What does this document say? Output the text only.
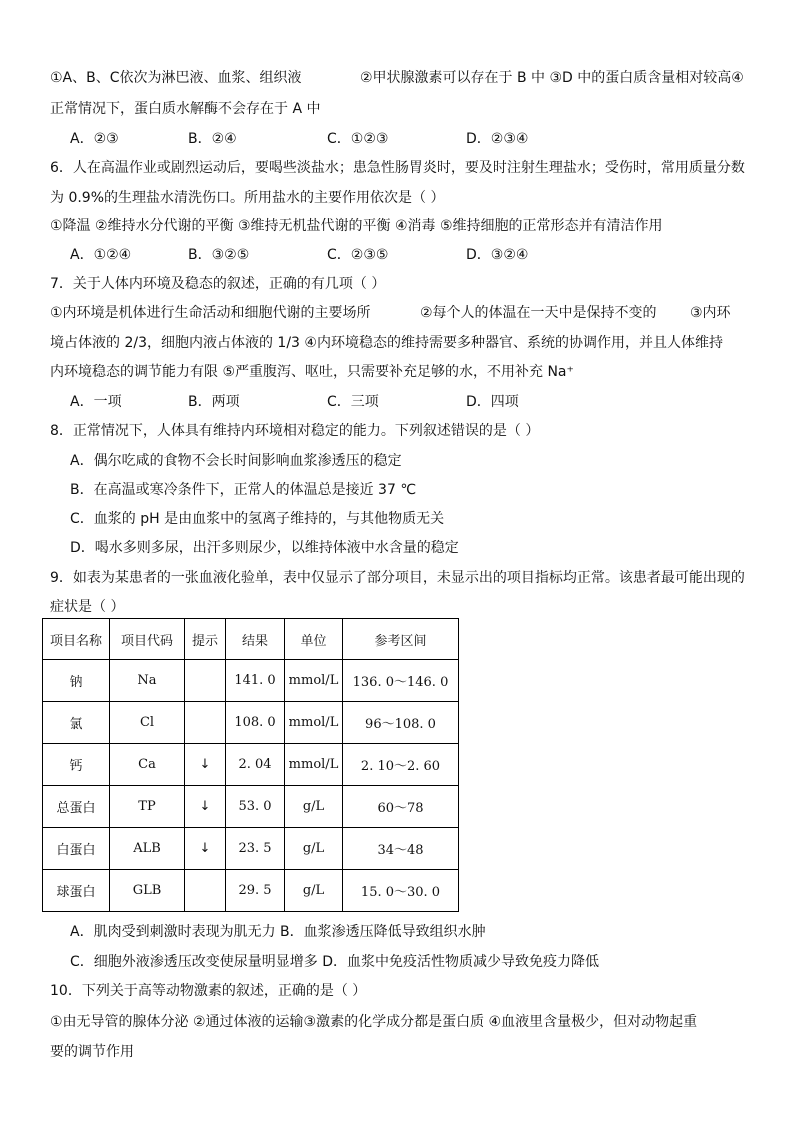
①A、B、C依次为淋巴液、血浆、组织液	②甲状腺激素可以存在于 B 中 ③D 中的蛋白质含量相对较高④
正常情况下，蛋白质水解酶不会存在于 A 中
A．②③	B．②④	C．①②③	D．②③④
6．人在高温作业或剧烈运动后，要喝些淡盐水；患急性肠胃炎时，要及时注射生理盐水；受伤时，常用质量分数
为 0.9%的生理盐水清洗伤口。所用盐水的主要作用依次是（ ）
①降温 ②维持水分代谢的平衡 ③维持无机盐代谢的平衡 ④消毒 ⑤维持细胞的正常形态并有清洁作用
A．①②④	B．③②⑤	C．②③⑤	D．③②④
7．关于人体内环境及稳态的叙述，正确的有几项（ ）
①内环境是机体进行生命活动和细胞代谢的主要场所	②每个人的体温在一天中是保持不变的 ③内环
境占体液的 2/3，细胞内液占体液的 1/3 ④内环境稳态的维持需要多种器官、系统的协调作用，并且人体维持
内环境稳态的调节能力有限 ⑤严重腹泻、呕吐，只需要补充足够的水，不用补充 Na⁺
A．一项	B．两项	C．三项	D．四项
8．正常情况下，人体具有维持内环境相对稳定的能力。下列叙述错误的是（ ）
A．偶尔吃咸的食物不会长时间影响血浆渗透压的稳定
B．在高温或寒冷条件下，正常人的体温总是接近 37 ℃
C．血浆的 pH 是由血浆中的氢离子维持的，与其他物质无关
D．喝水多则多尿，出汗多则尿少，以维持体液中水含量的稳定
9．如表为某患者的一张血液化验单，表中仅显示了部分项目，未显示出的项目指标均正常。该患者最可能出现的
症状是（ ）
项目名称	项目代码	提示	结果	单位	参考区间
钠	Na		141. 0	mmol/L	136. 0～146. 0
氯	Cl		108. 0	mmol/L	96～108. 0
钙	Ca	↓	2. 04	mmol/L	2. 10～2. 60
总蛋白	TP	↓	53. 0	g/L	60～78
白蛋白	ALB	↓	23. 5	g/L	34～48
球蛋白	GLB		29. 5	g/L	15. 0～30. 0
A．肌肉受到刺激时表现为肌无力 B．血浆渗透压降低导致组织水肿
C．细胞外液渗透压改变使尿量明显增多 D．血浆中免疫活性物质减少导致免疫力降低
10．下列关于高等动物激素的叙述，正确的是（ ）
①由无导管的腺体分泌 ②通过体液的运输③激素的化学成分都是蛋白质 ④血液里含量极少，但对动物起重
要的调节作用
